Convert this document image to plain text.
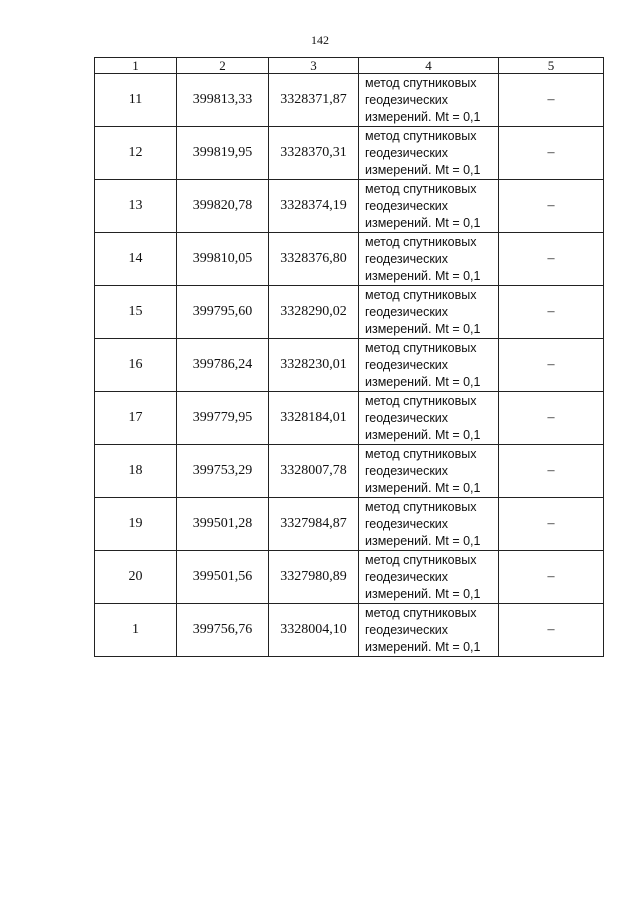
142
1	2	3	4	5
11	399813,33	3328371,87	метод спутниковых
геодезических
измерений. Mt = 0,1	–
12	399819,95	3328370,31	метод спутниковых
геодезических
измерений. Mt = 0,1	–
13	399820,78	3328374,19	метод спутниковых
геодезических
измерений. Mt = 0,1	–
14	399810,05	3328376,80	метод спутниковых
геодезических
измерений. Mt = 0,1	–
15	399795,60	3328290,02	метод спутниковых
геодезических
измерений. Mt = 0,1	–
16	399786,24	3328230,01	метод спутниковых
геодезических
измерений. Mt = 0,1	–
17	399779,95	3328184,01	метод спутниковых
геодезических
измерений. Mt = 0,1	–
18	399753,29	3328007,78	метод спутниковых
геодезических
измерений. Mt = 0,1	–
19	399501,28	3327984,87	метод спутниковых
геодезических
измерений. Mt = 0,1	–
20	399501,56	3327980,89	метод спутниковых
геодезических
измерений. Mt = 0,1	–
1	399756,76	3328004,10	метод спутниковых
геодезических
измерений. Mt = 0,1	–
